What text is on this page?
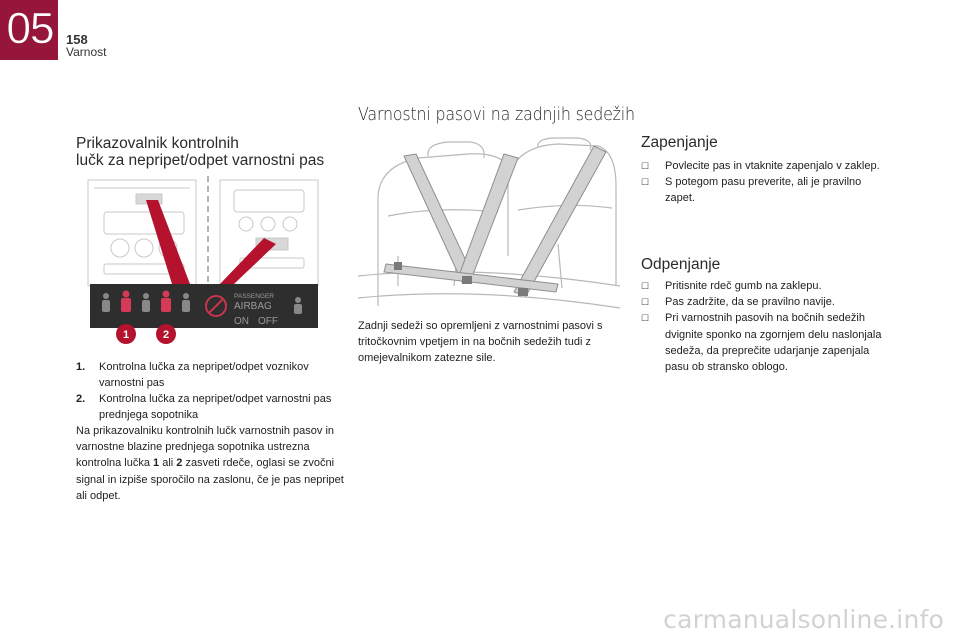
05 158
Varnost
Varnostni pasovi na zadnjih sedežih
Prikazovalnik kontrolnih
lučk za nepripet/odpet varnostni pas
PASSENGER
AIRBAG
ON OFF
1	2
1.	Kontrolna lučka za nepripet/odpet voznikov varnostni pas
2.	Kontrolna lučka za nepripet/odpet varnostni pas prednjega sopotnika
Na prikazovalniku kontrolnih lučk varnostnih pasov in varnostne blazine prednjega sopotnika ustrezna kontrolna lučka 1 ali 2 zasveti rdeče, oglasi se zvočni signal in izpiše sporočilo na zaslonu, če je pas nepripet ali odpet.
Zadnji sedeži so opremljeni z varnostnimi pasovi s tritočkovnim vpetjem in na bočnih sedežih tudi z omejevalnikom zatezne sile.
Zapenjanje
☐	Povlecite pas in vtaknite zapenjalo v zaklep.
☐	S potegom pasu preverite, ali je pravilno zapet.
Odpenjanje
☐	Pritisnite rdeč gumb na zaklepu.
☐	Pas zadržite, da se pravilno navije.
☐	Pri varnostnih pasovih na bočnih sedežih dvignite sponko na zgornjem delu naslonjala sedeža, da preprečite udarjanje zapenjala pasu ob stransko oblogo.
carmanualsonline.info
